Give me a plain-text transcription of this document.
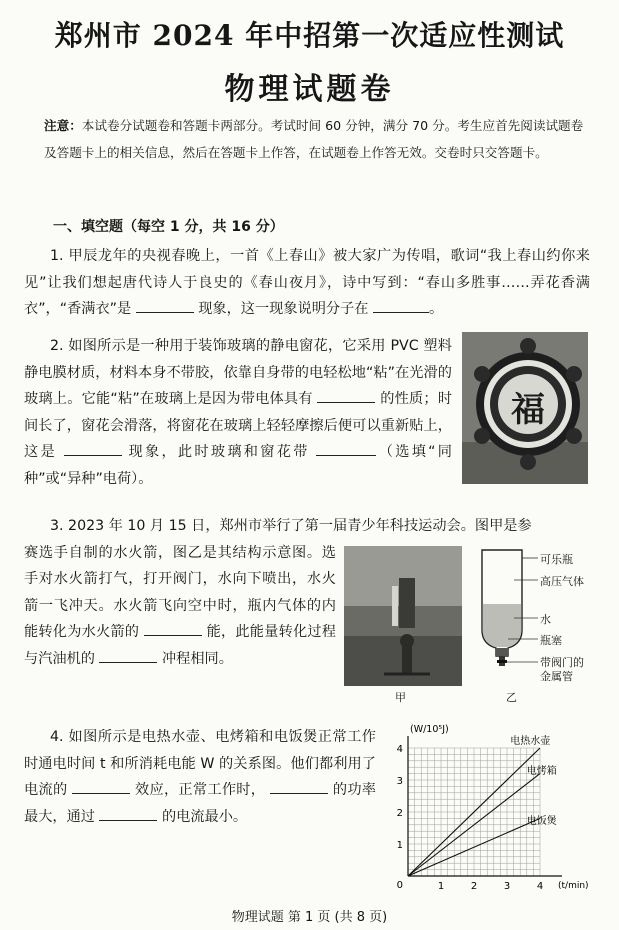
郑州市 2024 年中招第一次适应性测试
物理试题卷
注意：本试卷分试题卷和答题卡两部分。考试时间 60 分钟，满分 70 分。考生应首先阅读试题卷及答题卡上的相关信息，然后在答题卡上作答，在试题卷上作答无效。交卷时只交答题卡。
一、填空题（每空 1 分，共 16 分）
1. 甲辰龙年的央视春晚上，一首《上春山》被大家广为传唱，歌词“我上春山约你来见”让我们想起唐代诗人于良史的《春山夜月》，诗中写到：“春山多胜事……弄花香满衣”，“香满衣”是	现象，这一现象说明分子在	。
2. 如图所示是一种用于装饰玻璃的静电窗花，它采用 PVC 塑料静电膜材质，材料本身不带胶，依靠自身带的电轻松地“粘”在光滑的玻璃上。它能“粘”在玻璃上是因为带电体具有	的性质；时间长了，窗花会滑落，将窗花在玻璃上轻轻摩擦后便可以重新贴上，这是	现象，此时玻璃和窗花带	（选填“同种”或“异种”电荷）。
福
3. 2023 年 10 月 15 日，郑州市举行了第一届青少年科技运动会。图甲是参
赛选手自制的水火箭，图乙是其结构示意图。选手对水火箭打气，打开阀门，水向下喷出，水火箭一飞冲天。水火箭飞向空中时，瓶内气体的内能转化为水火箭的	能，此能量转化过程与汽油机的	冲程相同。
甲
可乐瓶
高压气体
水
瓶塞
带阀门的
金属管
乙
4. 如图所示是电热水壶、电烤箱和电饭煲正常工作时通电时间 t 和所消耗电能 W 的关系图。他们都利用了电流的	效应，正常工作时，	的功率最大，通过	的电流最小。
1	2	3	4
1
2
3
4
0
(W/10⁵J)
(t/min)
电热水壶
电烤箱
电饭煲
物理试题 第 1 页 (共 8 页)
